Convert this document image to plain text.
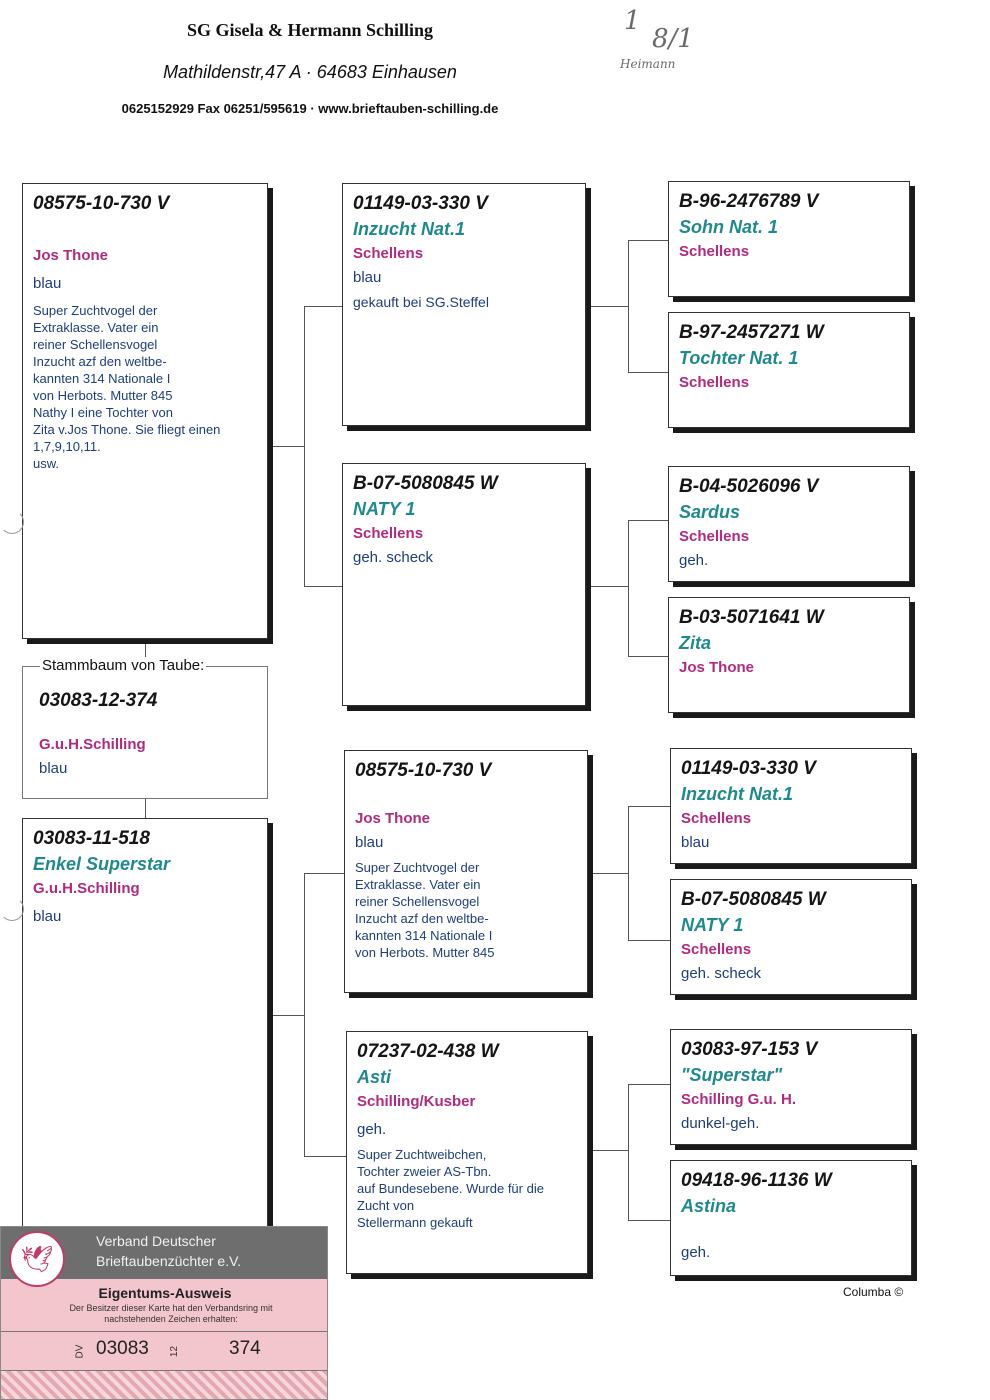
SG Gisela & Hermann Schilling
Mathildenstr,47 A · 64683 Einhausen
0625152929 Fax 06251/595619 · www.brieftauben-schilling.de
1
8/1
Heimann
08575-10-730 V
Jos Thone
blau
Super Zuchtvogel der
Extraklasse. Vater ein
reiner Schellensvogel
Inzucht azf den weltbe-
kannten 314 Nationale I
von Herbots. Mutter 845
Nathy I eine Tochter von
Zita v.Jos Thone. Sie fliegt einen
1,7,9,10,11.
usw.
03083-12-374
G.u.H.Schilling
blau
Stammbaum von Taube:
03083-11-518
Enkel Superstar
G.u.H.Schilling
blau
01149-03-330 V
Inzucht Nat.1
Schellens
blau
gekauft bei SG.Steffel
B-07-5080845 W
NATY 1
Schellens
geh. scheck
08575-10-730 V
Jos Thone
blau
Super Zuchtvogel der
Extraklasse. Vater ein
reiner Schellensvogel
Inzucht azf den weltbe-
kannten 314 Nationale I
von Herbots. Mutter 845
07237-02-438 W
Asti
Schilling/Kusber
geh.
Super Zuchtweibchen,
Tochter zweier AS-Tbn.
auf Bundesebene. Wurde für die
Zucht von
Stellermann gekauft
B-96-2476789 V
Sohn Nat. 1
Schellens
B-97-2457271 W
Tochter Nat. 1
Schellens
B-04-5026096 V
Sardus
Schellens
geh.
B-03-5071641 W
Zita
Jos Thone
01149-03-330 V
Inzucht Nat.1
Schellens
blau
B-07-5080845 W
NATY 1
Schellens
geh. scheck
03083-97-153 V
"Superstar"
Schilling G.u. H.
dunkel-geh.
09418-96-1136 W
Astina
geh.
Columba ©
🕊
Verband Deutscher
Brieftaubenzüchter e.V.
Eigentums-Ausweis
Der Besitzer dieser Karte hat den Verbandsring mit nachstehenden Zeichen erhalten:
DV 03083 12	374
